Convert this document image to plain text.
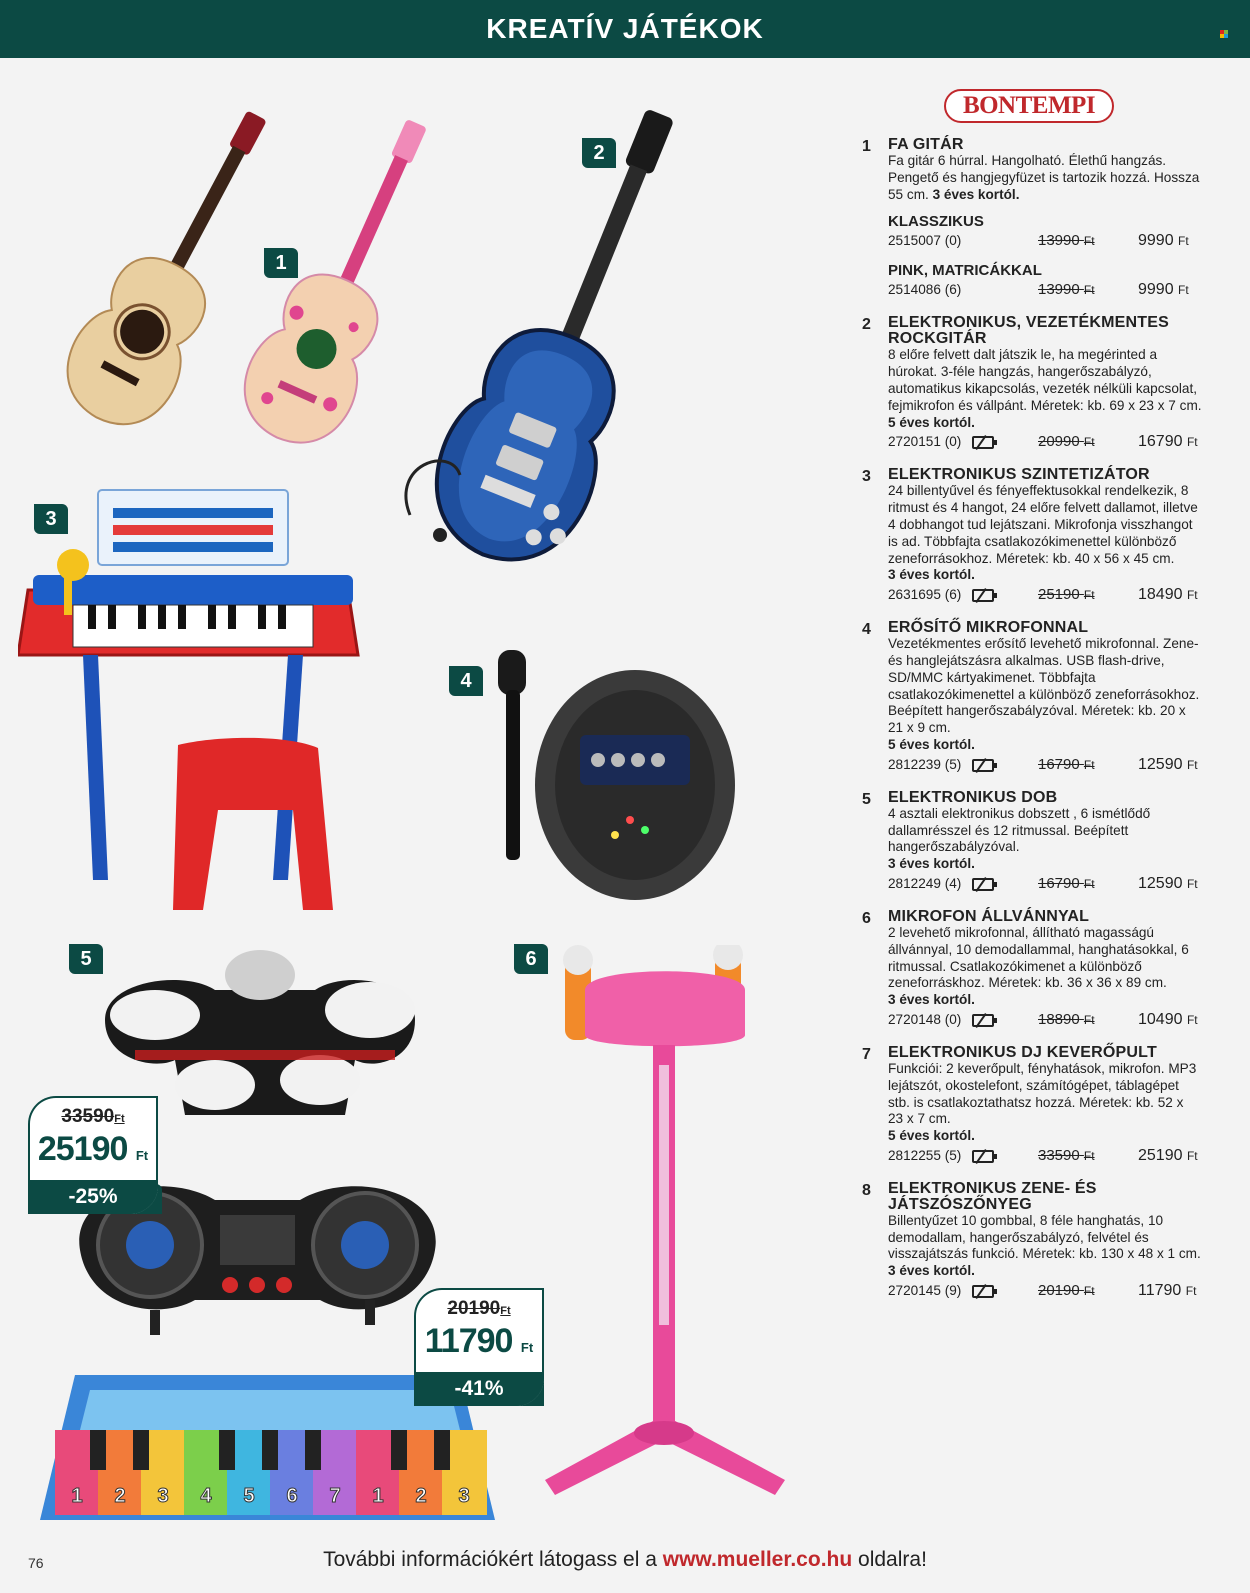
KREATÍV JÁTÉKOK
BONTEMPI
1 2 3 4 5 6 7 1 2 3
1
2
3
4
5	6
33590Ft
25190 Ft
-25%
20190Ft
11790 Ft
-41%
1 FA GITÁR
Fa gitár 6 húrral. Hangolható. Élethű hangzás. Pengető és hangjegyfüzet is tartozik hozzá. Hossza 55 cm. 3 éves kortól.
KLASSZIKUS
2515007 (0)	13990 Ft	9990 Ft
PINK, MATRICÁKKAL
2514086 (6)	13990 Ft	9990 Ft
2 ELEKTRONIKUS, VEZETÉKMENTES ROCKGITÁR
8 előre felvett dalt játszik le, ha megérinted a húrokat. 3-féle hangzás, hangerőszabályzó, automatikus kikapcsolás, vezeték nélküli kapcsolat, fejmikrofon és vállpánt. Méretek: kb. 69 x 23 x 7 cm.
5 éves kortól.
2720151 (0)	20990 Ft	16790 Ft
3 ELEKTRONIKUS SZINTETIZÁTOR
24 billentyűvel és fényeffektusokkal rendelkezik, 8 ritmust és 4 hangot, 24 előre felvett dallamot, illetve 4 dobhangot tud lejátszani. Mikrofonja visszhangot is ad. Többfajta csatlakozókimenettel különböző zeneforrásokhoz. Méretek: kb. 40 x 56 x 45 cm.
3 éves kortól.
2631695 (6)	25190 Ft	18490 Ft
4 ERŐSÍTŐ MIKROFONNAL
Vezetékmentes erősítő levehető mikrofonnal. Zene- és hanglejátszásra alkalmas. USB flash-drive, SD/MMC kártyakimenet. Többfajta csatlakozókimenettel a különböző zeneforrásokhoz. Beépített hangerőszabályzóval. Méretek: kb. 20 x 21 x 9 cm.
5 éves kortól.
2812239 (5)	16790 Ft	12590 Ft
5 ELEKTRONIKUS DOB
4 asztali elektronikus dobszett , 6 ismétlődő dallamrésszel és 12 ritmussal. Beépített hangerőszabályzóval.
3 éves kortól.
2812249 (4)	16790 Ft	12590 Ft
6 MIKROFON ÁLLVÁNNYAL
2 levehető mikrofonnal, állítható magasságú állvánnyal, 10 demodallammal, hanghatásokkal, 6 ritmussal. Csatlakozókimenet a különböző zeneforráskhoz. Méretek: kb. 36 x 36 x 89 cm.
3 éves kortól.
2720148 (0)	18890 Ft	10490 Ft
7 ELEKTRONIKUS DJ KEVERŐPULT
Funkciói: 2 keverőpult, fényhatások, mikrofon. MP3 lejátszót, okostelefont, számítógépet, táblagépet stb. is csatlakoztathatsz hozzá. Méretek: kb. 52 x 23 x 7 cm.
5 éves kortól.
2812255 (5)	33590 Ft	25190 Ft
8 ELEKTRONIKUS ZENE- ÉS JÁTSZÓSZŐNYEG
Billentyűzet 10 gombbal, 8 féle hanghatás, 10 demodallam, hangerőszabályzó, felvétel és visszajátszás funkció. Méretek: kb. 130 x 48 x 1 cm.
3 éves kortól.
2720145 (9)	20190 Ft	11790 Ft
76	További információkért látogass el a www.mueller.co.hu oldalra!
